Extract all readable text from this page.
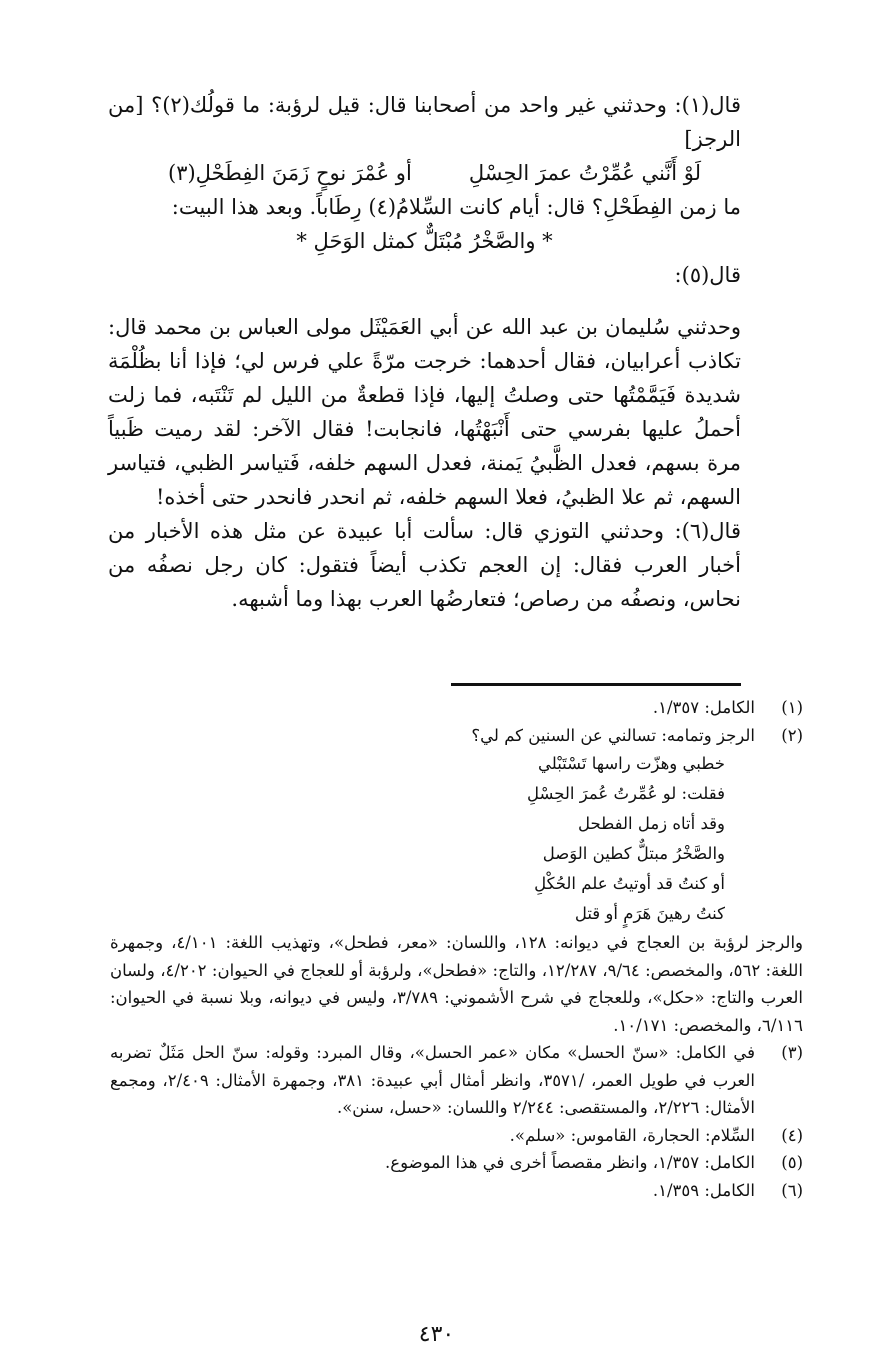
قال(١): وحدثني غير واحد من أصحابنا قال: قيل لرؤبة: ما قولُك(٢)؟ [من الرجز]

لَوْ أَنَّني عُمِّرْتُ عمرَ الحِسْلِ
أو عُمْرَ نوحٍ زَمَنَ الفِطَحْلِ(٣)

ما زمن الفِطَحْلِ؟ قال: أيام كانت السِّلامُ(٤) رِطَاباً. وبعد هذا البيت:

* والصَّخْرُ مُبْتَلٌّ كمثل الوَحَلِ *

قال(٥):

وحدثني سُليمان بن عبد الله عن أبي العَمَيْثَل مولى العباس بن محمد قال: تكاذب أعرابيان، فقال أحدهما: خرجت مرّةً علي فرس لي؛ فإذا أنا بظُلْمَة شديدة فَيَمَّمْتُها حتى وصلتُ إليها، فإذا قطعةٌ من الليل لم تَنْتَبه، فما زلت أحملُ عليها بفرسي حتى أَنْبَهْتُها، فانجابت! فقال الآخر: لقد رميت ظَبياً مرة بسهم، فعدل الظَّبيُ يَمنة، فعدل السهم خلفه، فَتياسر الظبي، فتياسر السهم، ثم علا الظبيُ، فعلا السهم خلفه، ثم انحدر فانحدر حتى أخذه!

قال(٦): وحدثني التوزي قال: سألت أبا عبيدة عن مثل هذه الأخبار من أخبار العرب فقال: إن العجم تكذب أيضاً فتقول: كان رجل نصفُه من نحاس، ونصفُه من رصاص؛ فتعارضُها العرب بهذا وما أشبهه.

(١)
الكامل: ١/٣٥٧.
(٢)
الرجز وتمامه: تسالني عن السنين كم لي؟
خطبي وهزّت راسها تَسْتَبْلي
فقلت: لو عُمِّرتُ عُمرَ الحِسْلِ
وقد أتاه زمل الفطحل
والصَّخْرُ مبتلٌّ كطين الوَصل
أو كنتُ قد أوتيتُ علم الحُكْلِ
كنتُ رهينَ هَرَمٍ أو قتل
والرجز لرؤبة بن العجاج في ديوانه: ١٢٨، واللسان: «معر، فطحل»، وتهذيب اللغة: ٤/١٠١، وجمهرة اللغة: ٥٦٢، والمخصص: ٩/٦٤، ١٢/٢٨٧، والتاج: «فطحل»، ولرؤبة أو للعجاج في الحيوان: ٤/٢٠٢، ولسان العرب والتاج: «حكل»، وللعجاج في شرح الأشموني: ٣/٧٨٩، وليس في ديوانه، وبلا نسبة في الحيوان: ٦/١١٦، والمخصص: ١٠/١٧١.
(٣)
في الكامل: «سنّ الحسل» مكان «عمر الحسل»، وقال المبرد: وقوله: سنّ الحل مَثَلٌ تضربه العرب في طويل العمر، /٣٥٧١، وانظر أمثال أبي عبيدة: ٣٨١، وجمهرة الأمثال: ٢/٤٠٩، ومجمع الأمثال: ٢/٢٢٦، والمستقصى: ٢/٢٤٤ واللسان: «حسل، سنن».
(٤)
السِّلام: الحجارة، القاموس: «سلم».
(٥)
الكامل: ١/٣٥٧، وانظر مقصصاً أخرى في هذا الموضوع.
(٦)
الكامل: ١/٣٥٩.
٤٣٠
